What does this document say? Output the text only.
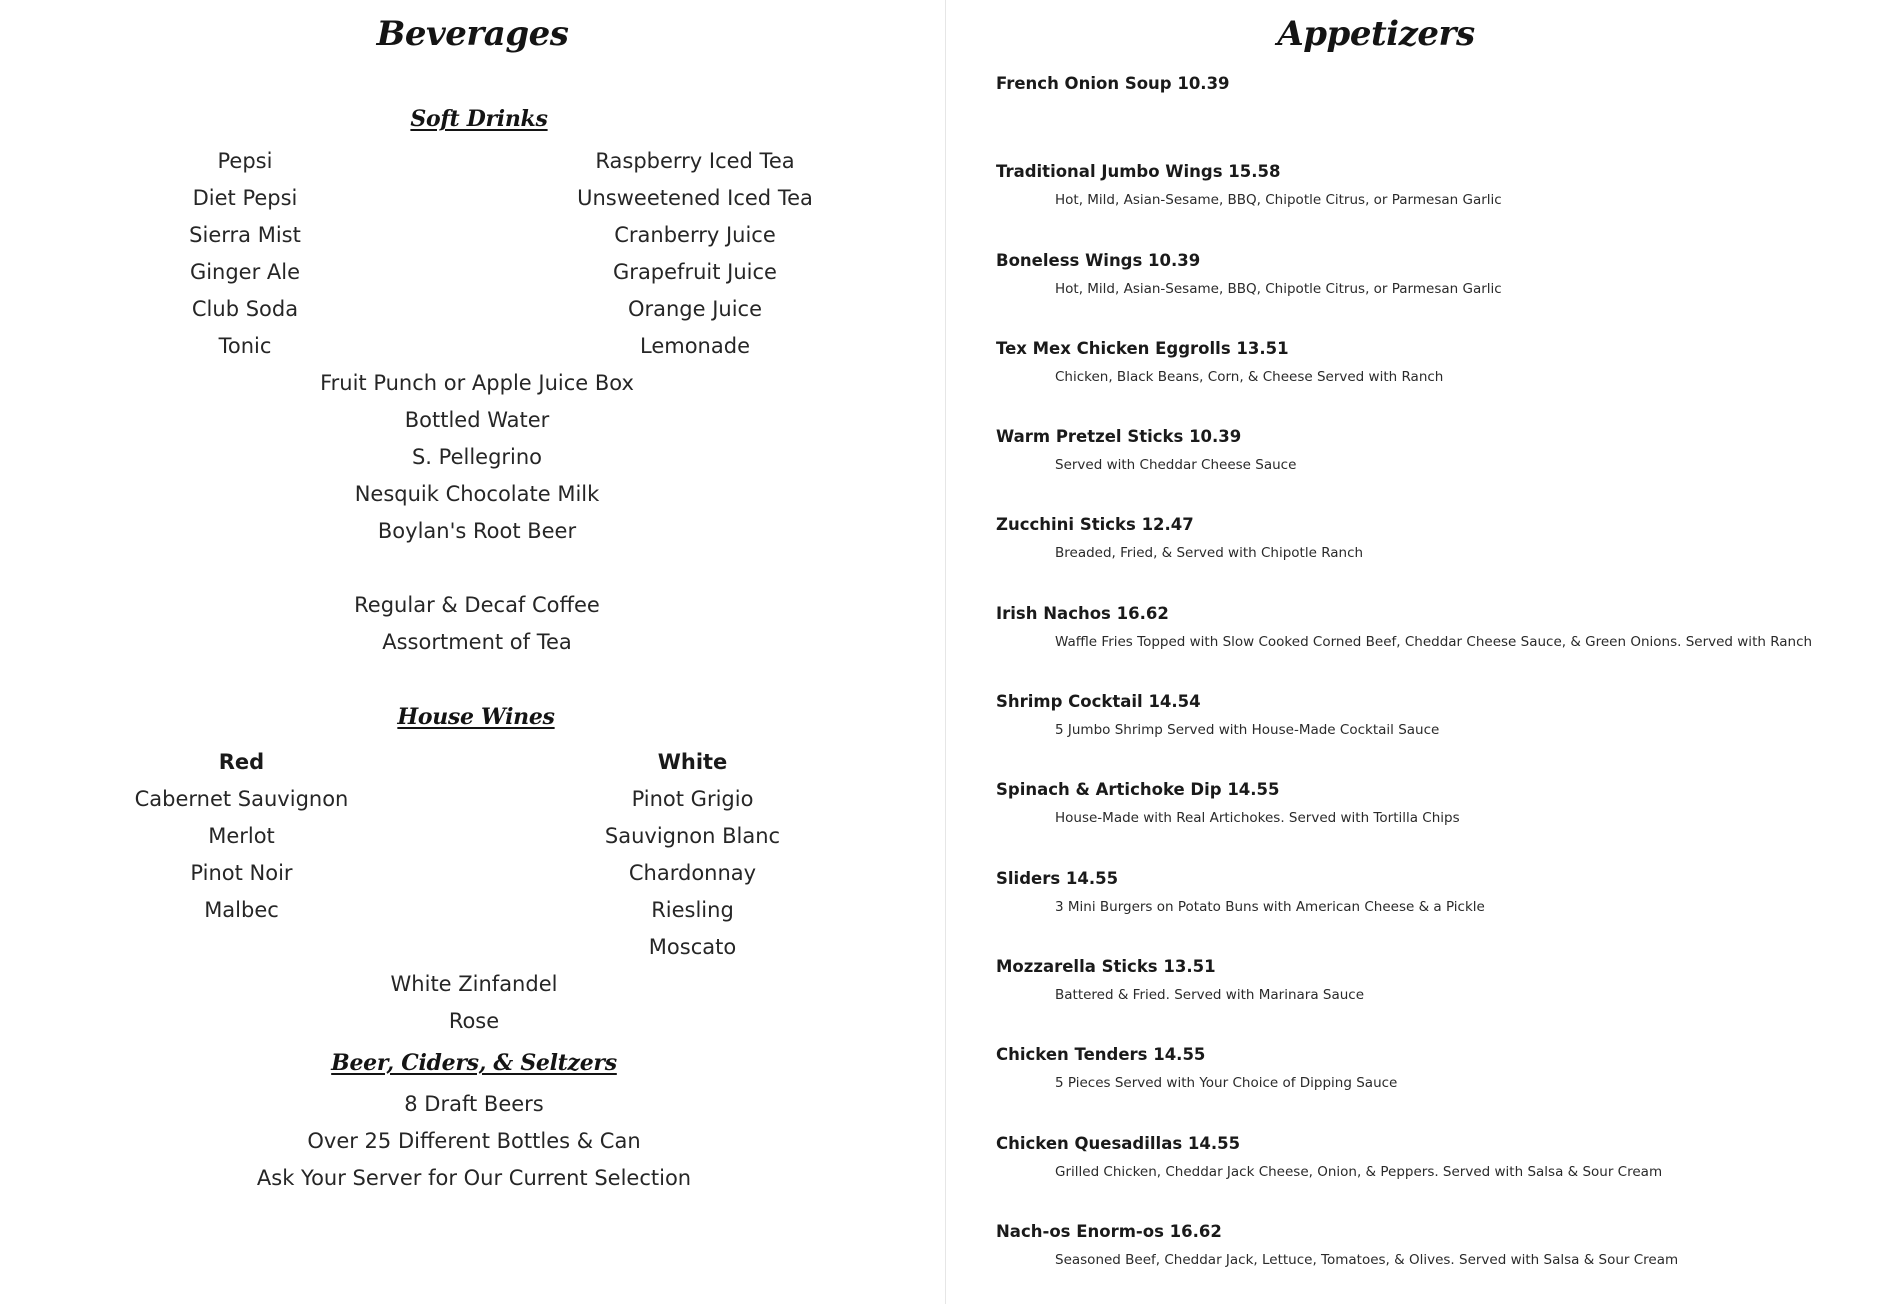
Beverages
Soft Drinks
Pepsi
Diet Pepsi
Sierra Mist
Ginger Ale
Club Soda
Tonic
Raspberry Iced Tea
Unsweetened Iced Tea
Cranberry Juice
Grapefruit Juice
Orange Juice
Lemonade
Fruit Punch or Apple Juice Box
Bottled Water
S. Pellegrino
Nesquik Chocolate Milk
Boylan's Root Beer
Regular & Decaf Coffee
Assortment of Tea
House Wines
Red
Cabernet Sauvignon
Merlot
Pinot Noir
Malbec
White
Pinot Grigio
Sauvignon Blanc
Chardonnay
Riesling
Moscato
White Zinfandel
Rose
Beer, Ciders, & Seltzers
8 Draft Beers
Over 25 Different Bottles & Can
Ask Your Server for Our Current Selection
Appetizers
French Onion Soup 10.39
Traditional Jumbo Wings 15.58
Hot, Mild, Asian-Sesame, BBQ, Chipotle Citrus, or Parmesan Garlic
Boneless Wings 10.39
Hot, Mild, Asian-Sesame, BBQ, Chipotle Citrus, or Parmesan Garlic
Tex Mex Chicken Eggrolls 13.51
Chicken, Black Beans, Corn, & Cheese Served with Ranch
Warm Pretzel Sticks 10.39
Served with Cheddar Cheese Sauce
Zucchini Sticks 12.47
Breaded, Fried, & Served with Chipotle Ranch
Irish Nachos 16.62
Waffle Fries Topped with Slow Cooked Corned Beef, Cheddar Cheese Sauce, & Green Onions. Served with Ranch
Shrimp Cocktail 14.54
5 Jumbo Shrimp Served with House-Made Cocktail Sauce
Spinach & Artichoke Dip 14.55
House-Made with Real Artichokes. Served with Tortilla Chips
Sliders 14.55
3 Mini Burgers on Potato Buns with American Cheese & a Pickle
Mozzarella Sticks 13.51
Battered & Fried. Served with Marinara Sauce
Chicken Tenders 14.55
5 Pieces Served with Your Choice of Dipping Sauce
Chicken Quesadillas 14.55
Grilled Chicken, Cheddar Jack Cheese, Onion, & Peppers. Served with Salsa & Sour Cream
Nach-os Enorm-os 16.62
Seasoned Beef, Cheddar Jack, Lettuce, Tomatoes, & Olives. Served with Salsa & Sour Cream
